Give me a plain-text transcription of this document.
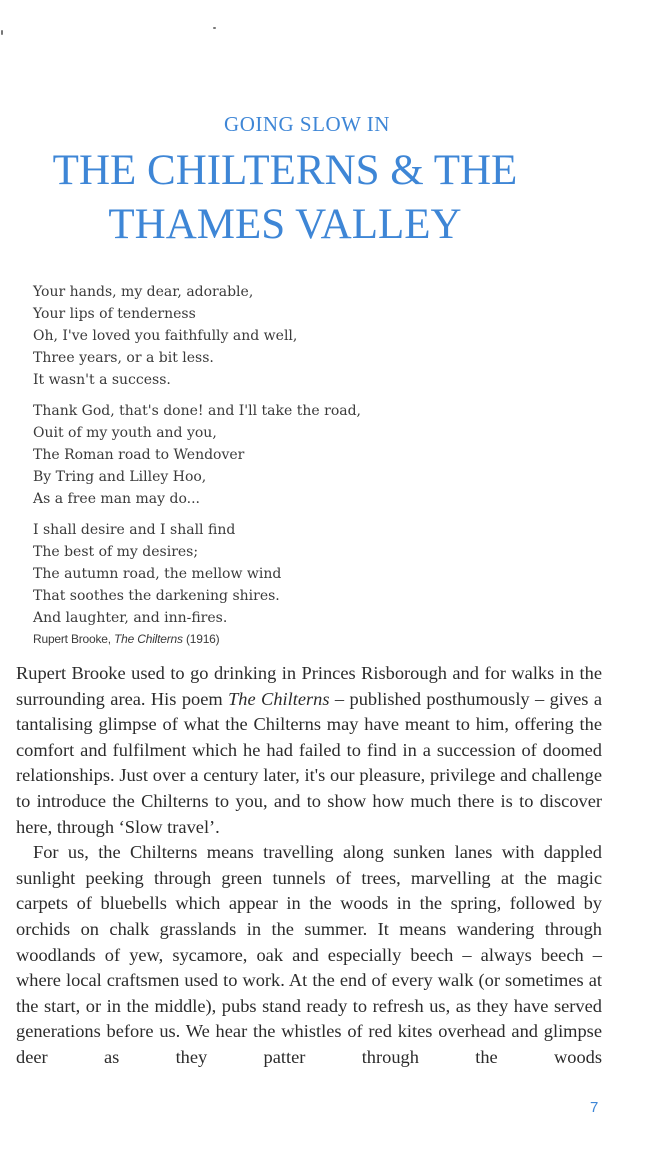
GOING SLOW IN
THE CHILTERNS & THE
THAMES VALLEY
Your hands, my dear, adorable,
Your lips of tenderness
Oh, I've loved you faithfully and well,
Three years, or a bit less.
It wasn't a success.
Thank God, that's done! and I'll take the road,
Ouit of my youth and you,
The Roman road to Wendover
By Tring and Lilley Hoo,
As a free man may do...
I shall desire and I shall find
The best of my desires;
The autumn road, the mellow wind
That soothes the darkening shires.
And laughter, and inn-fires.
Rupert Brooke, The Chilterns (1916)

Rupert Brooke used to go drinking in Princes Risborough and for walks in the surrounding area. His poem The Chilterns – published posthumously – gives a tantalising glimpse of what the Chilterns may have meant to him, offering the comfort and fulfilment which he had failed to find in a succession of doomed relationships. Just over a century later, it's our pleasure, privilege and challenge to introduce the Chilterns to you, and to show how much there is to discover here, through ‘Slow travel’.

For us, the Chilterns means travelling along sunken lanes with dappled sunlight peeking through green tunnels of trees, marvelling at the magic carpets of bluebells which appear in the woods in the spring, followed by orchids on chalk grasslands in the summer. It means wandering through woodlands of yew, sycamore, oak and especially beech – always beech – where local craftsmen used to work. At the end of every walk (or sometimes at the start, or in the middle), pubs stand ready to refresh us, as they have served generations before us. We hear the whistles of red kites overhead and glimpse deer as they patter through the woods

7
